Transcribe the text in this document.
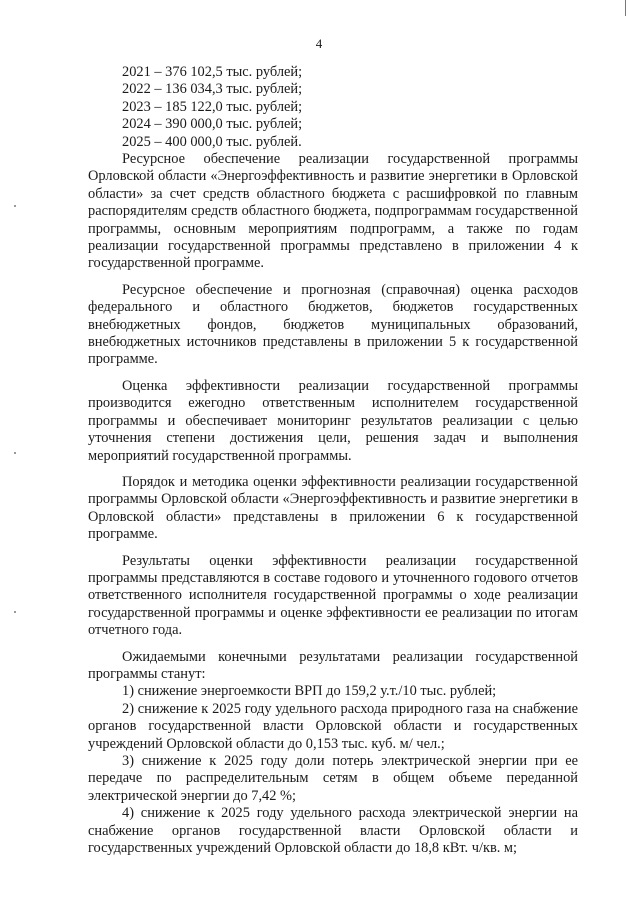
4
2021 – 376 102,5 тыс. рублей;
2022 – 136 034,3 тыс. рублей;
2023 – 185 122,0 тыс. рублей;
2024 – 390 000,0 тыс. рублей;
2025 – 400 000,0 тыс. рублей.

Ресурсное обеспечение реализации государственной программы Орловской области «Энергоэффективность и развитие энергетики в Орловской области» за счет средств областного бюджета с расшифровкой по главным распорядителям средств областного бюджета, подпрограммам государственной программы, основным мероприятиям подпрограмм, а также по годам реализации государственной программы представлено в приложении 4 к государственной программе.

Ресурсное обеспечение и прогнозная (справочная) оценка расходов федерального и областного бюджетов, бюджетов государственных внебюджетных фондов, бюджетов муниципальных образований, внебюджетных источников представлены в приложении 5 к государственной программе.

Оценка эффективности реализации государственной программы производится ежегодно ответственным исполнителем государственной программы и обеспечивает мониторинг результатов реализации с целью уточнения степени достижения цели, решения задач и выполнения мероприятий государственной программы.

Порядок и методика оценки эффективности реализации государственной программы Орловской области «Энергоэффективность и развитие энергетики в Орловской области» представлены в приложении 6 к государственной программе.

Результаты оценки эффективности реализации государственной программы представляются в составе годового и уточненного годового отчетов ответственного исполнителя государственной программы о ходе реализации государственной программы и оценке эффективности ее реализации по итогам отчетного года.

Ожидаемыми конечными результатами реализации государственной программы станут:

1) снижение энергоемкости ВРП до 159,2 у.т./10 тыс. рублей;

2) снижение к 2025 году удельного расхода природного газа на снабжение органов государственной власти Орловской области и государственных учреждений Орловской области до 0,153 тыс. куб. м/ чел.;

3) снижение к 2025 году доли потерь электрической энергии при ее передаче по распределительным сетям в общем объеме переданной электрической энергии до 7,42 %;

4) снижение к 2025 году удельного расхода электрической энергии на снабжение органов государственной власти Орловской области и государственных учреждений Орловской области до 18,8 кВт. ч/кв. м;
